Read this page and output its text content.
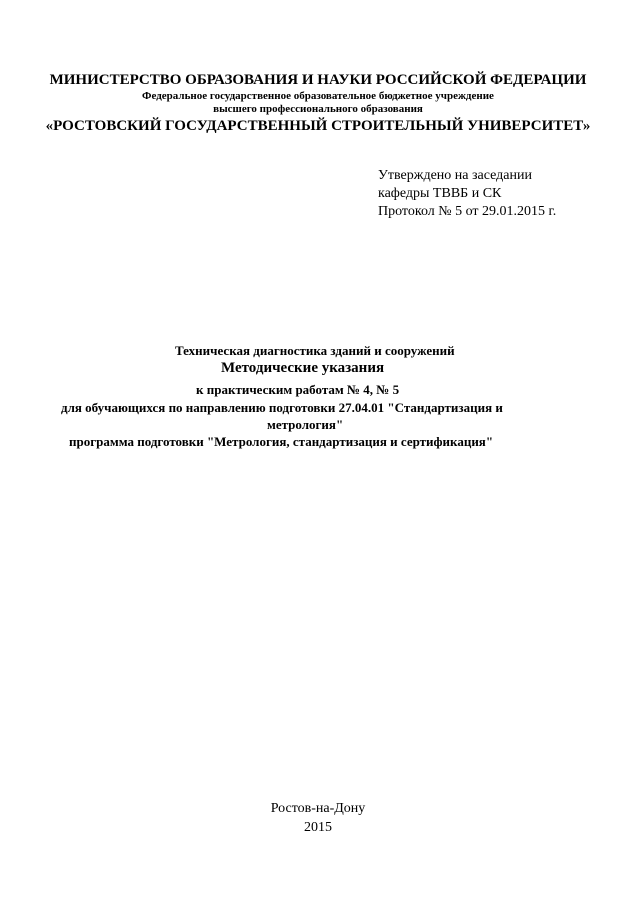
МИНИСТЕРСТВО ОБРАЗОВАНИЯ И НАУКИ РОССИЙСКОЙ ФЕДЕРАЦИИ
Федеральное государственное образовательное бюджетное учреждение
высшего профессионального образования
«РОСТОВСКИЙ ГОСУДАРСТВЕННЫЙ СТРОИТЕЛЬНЫЙ УНИВЕРСИТЕТ»
Утверждено на заседании
кафедры ТВВБ и СК
Протокол № 5 от 29.01.2015 г.
Техническая диагностика зданий и сооружений
Методические указания
к практическим работам № 4, № 5
для обучающихся по направлению подготовки 27.04.01 "Стандартизация и
метрология"
программа подготовки "Метрология, стандартизация и сертификация"
Ростов-на-Дону
2015
